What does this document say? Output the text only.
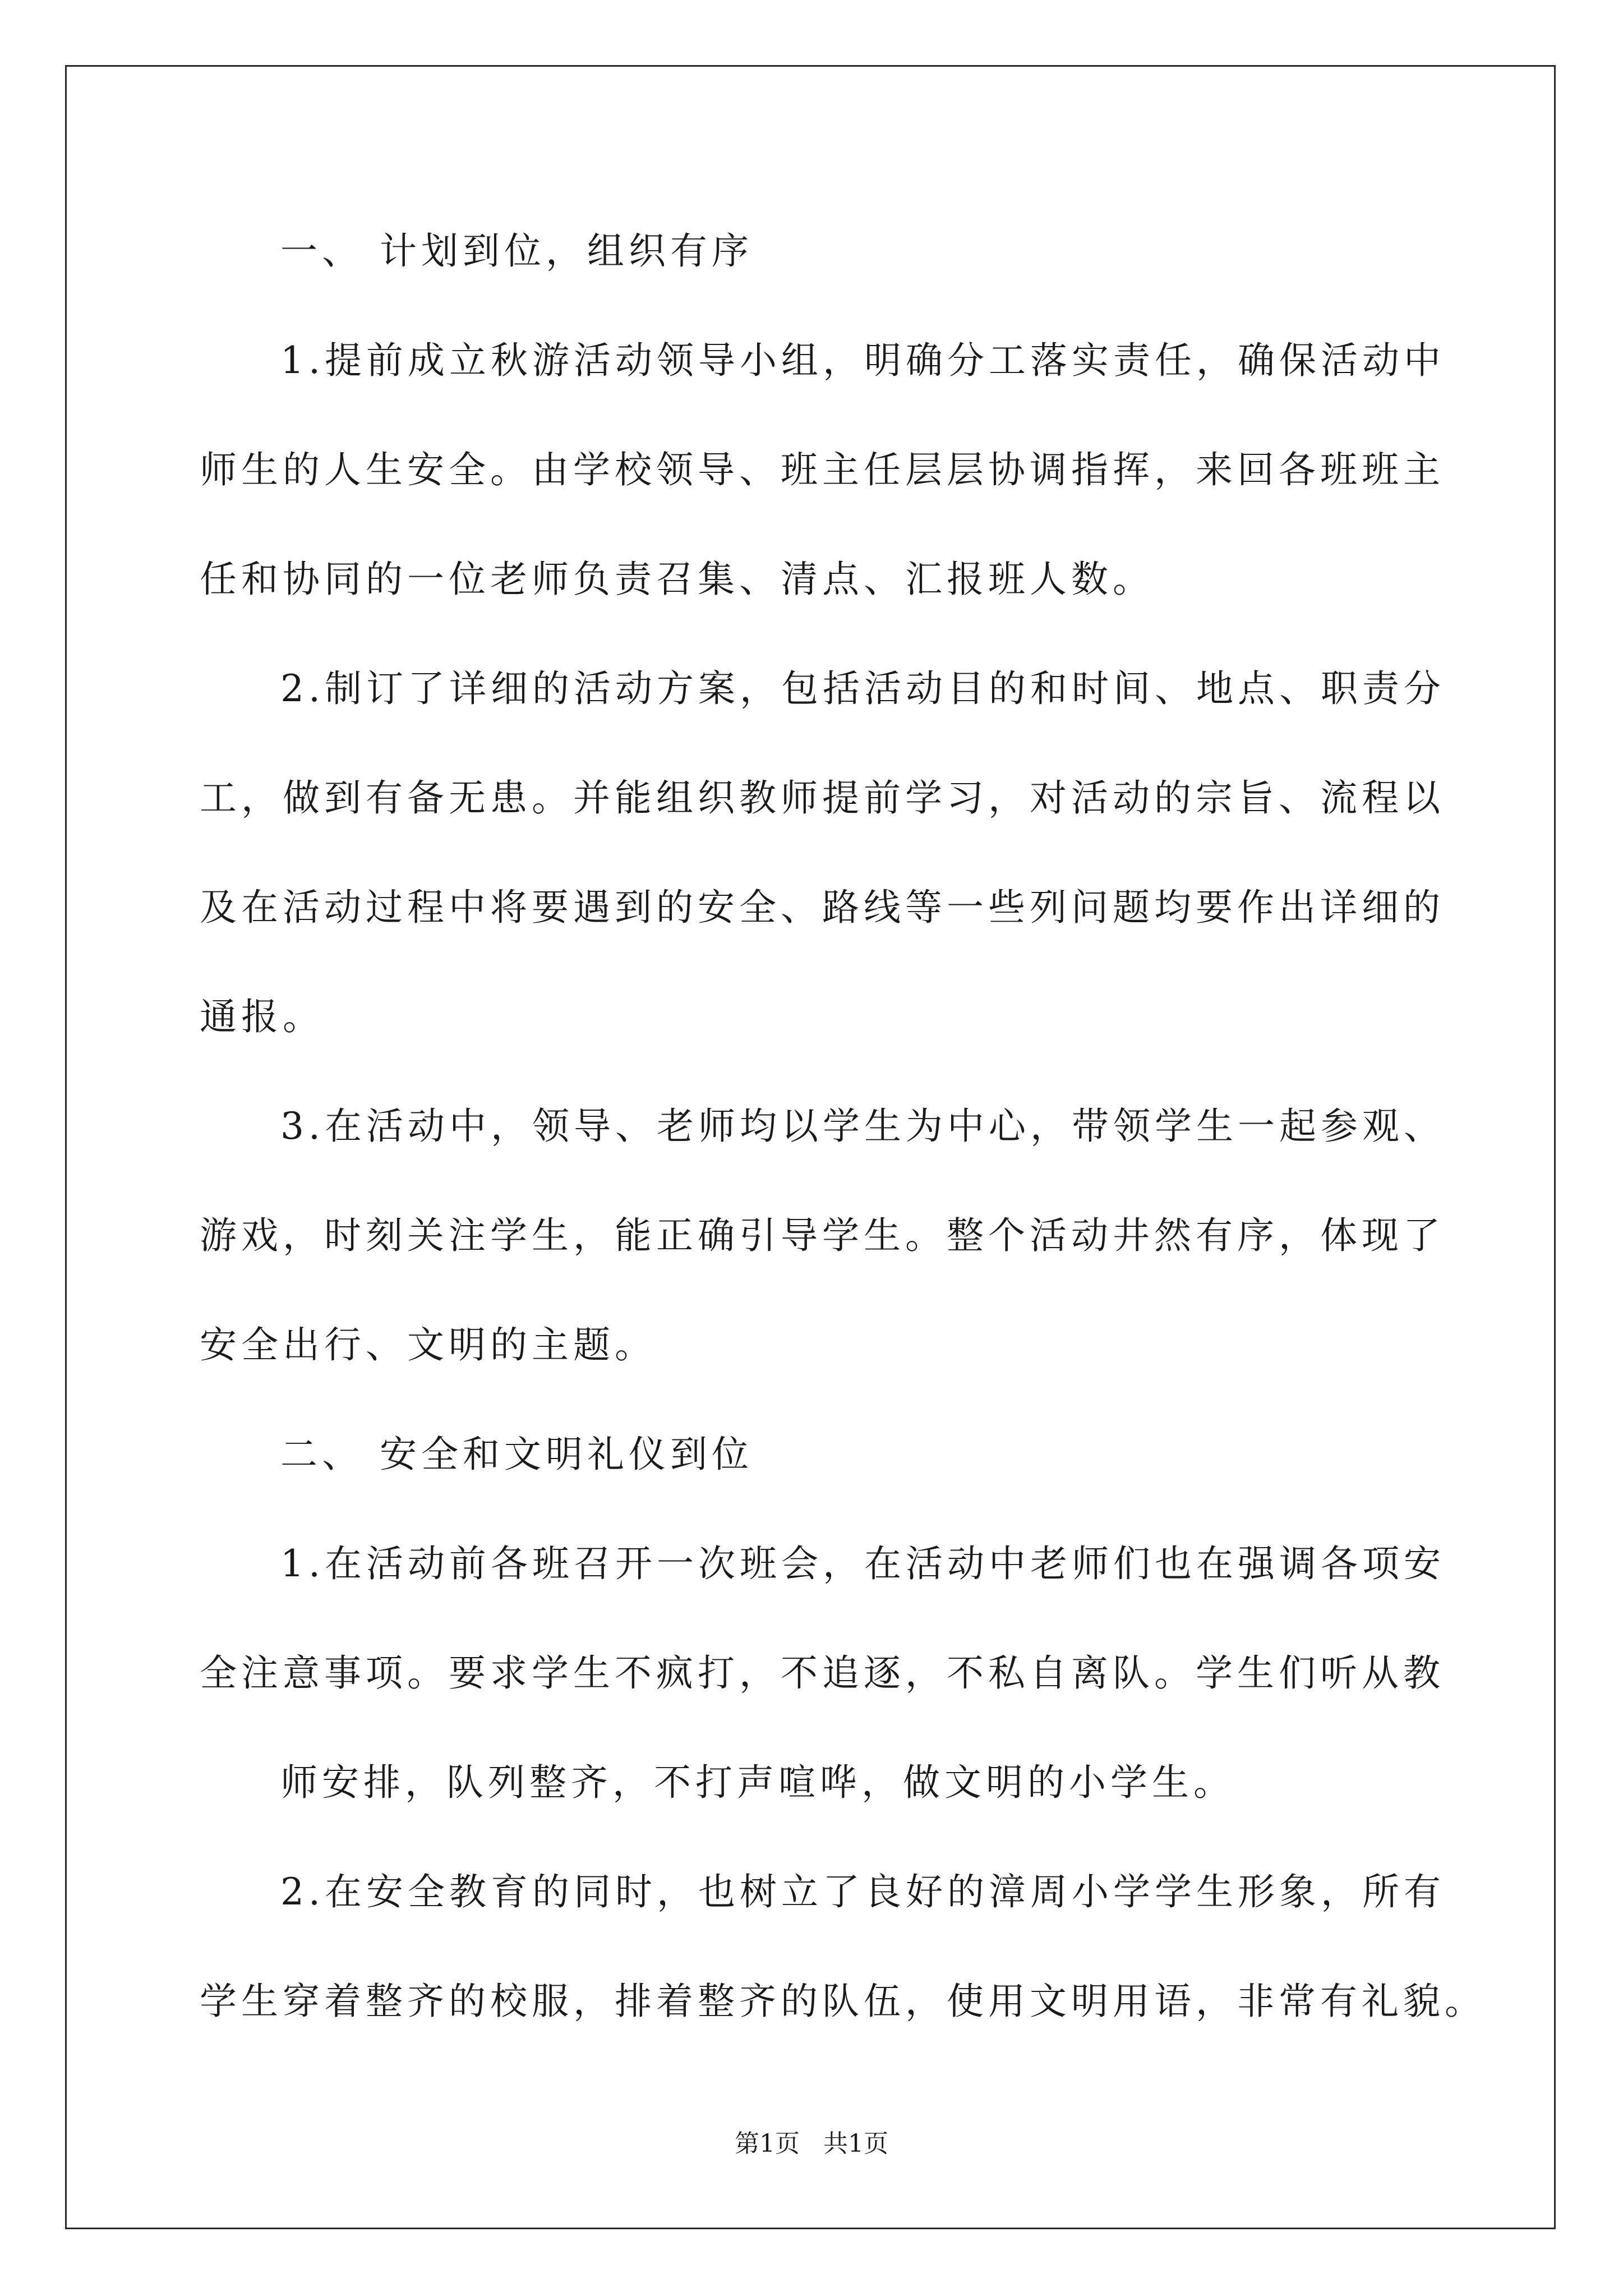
一、 计划到位，组织有序
1.提前成立秋游活动领导小组，明确分工落实责任，确保活动中
师生的人生安全。由学校领导、班主任层层协调指挥，来回各班班主
任和协同的一位老师负责召集、清点、汇报班人数。
2.制订了详细的活动方案，包括活动目的和时间、地点、职责分
工，做到有备无患。并能组织教师提前学习，对活动的宗旨、流程以
及在活动过程中将要遇到的安全、路线等一些列问题均要作出详细的
通报。
3.在活动中，领导、老师均以学生为中心，带领学生一起参观、
游戏，时刻关注学生，能正确引导学生。整个活动井然有序，体现了
安全出行、文明的主题。
二、 安全和文明礼仪到位
1.在活动前各班召开一次班会，在活动中老师们也在强调各项安
全注意事项。要求学生不疯打，不追逐，不私自离队。学生们听从教
师安排，队列整齐，不打声喧哗，做文明的小学生。
2.在安全教育的同时，也树立了良好的漳周小学学生形象，所有
学生穿着整齐的校服，排着整齐的队伍，使用文明用语，非常有礼貌。
第1页   共1页
